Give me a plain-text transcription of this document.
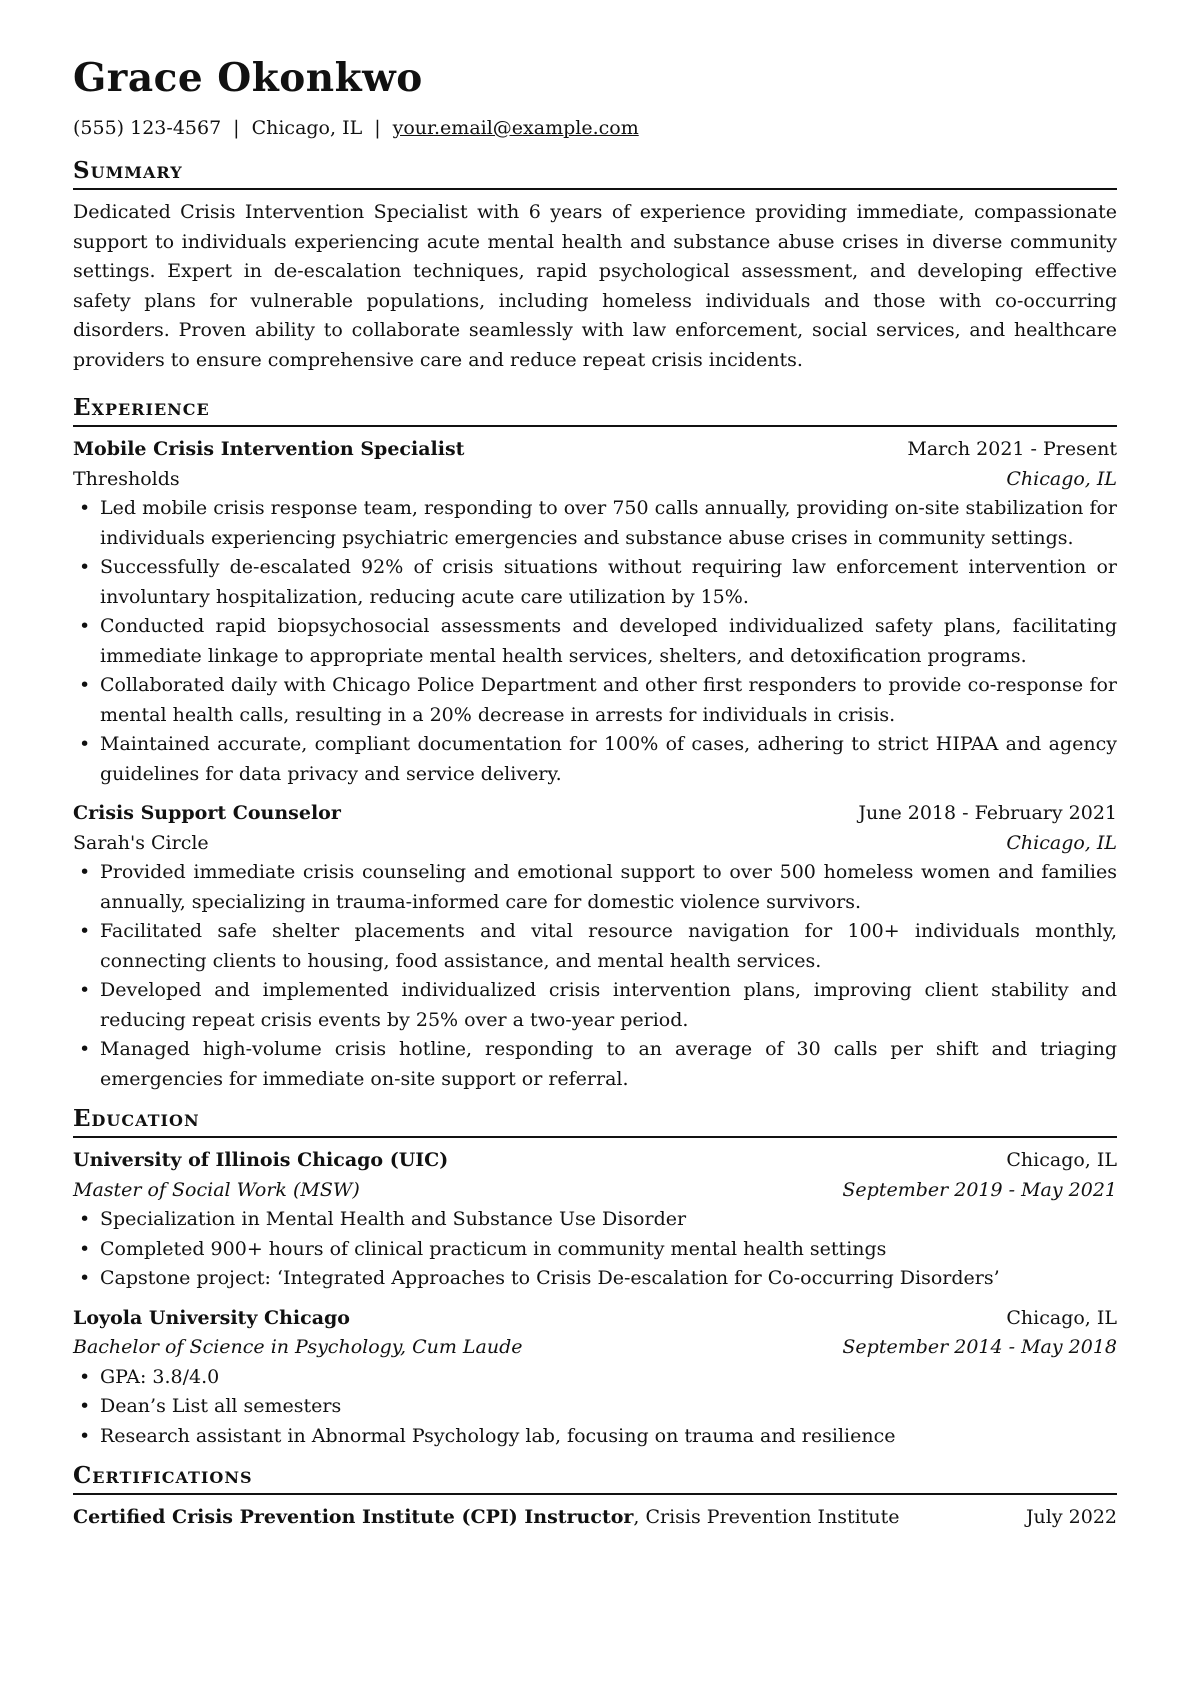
Grace Okonkwo
(555) 123-4567 | Chicago, IL | your.email@example.com
Summary

Dedicated Crisis Intervention Specialist with 6 years of experience providing immediate, compassionate support to individuals experiencing acute mental health and substance abuse crises in diverse community settings. Expert in de-escalation techniques, rapid psychological assessment, and developing effective safety plans for vulnerable populations, including homeless individuals and those with co-occurring disorders. Proven ability to collaborate seamlessly with law enforcement, social services, and healthcare providers to ensure comprehensive care and reduce repeat crisis incidents.

Experience
Mobile Crisis Intervention Specialist	March 2021 - Present
Thresholds	Chicago, IL
• Led mobile crisis response team, responding to over 750 calls annually, providing on-site stabilization for individuals experiencing psychiatric emergencies and substance abuse crises in community settings.
• Successfully de-escalated 92% of crisis situations without requiring law enforcement intervention or involuntary hospitalization, reducing acute care utilization by 15%.
• Conducted rapid biopsychosocial assessments and developed individualized safety plans, facilitating immediate linkage to appropriate mental health services, shelters, and detoxification programs.
• Collaborated daily with Chicago Police Department and other first responders to provide co-response for mental health calls, resulting in a 20% decrease in arrests for individuals in crisis.
• Maintained accurate, compliant documentation for 100% of cases, adhering to strict HIPAA and agency guidelines for data privacy and service delivery.
Crisis Support Counselor	June 2018 - February 2021
Sarah's Circle	Chicago, IL
• Provided immediate crisis counseling and emotional support to over 500 homeless women and families annually, specializing in trauma-informed care for domestic violence survivors.
• Facilitated safe shelter placements and vital resource navigation for 100+ individuals monthly, connecting clients to housing, food assistance, and mental health services.
• Developed and implemented individualized crisis intervention plans, improving client stability and reducing repeat crisis events by 25% over a two-year period.
• Managed high-volume crisis hotline, responding to an average of 30 calls per shift and triaging emergencies for immediate on-site support or referral.
Education
University of Illinois Chicago (UIC)	Chicago, IL
Master of Social Work (MSW)	September 2019 - May 2021
• Specialization in Mental Health and Substance Use Disorder
• Completed 900+ hours of clinical practicum in community mental health settings
• Capstone project: ‘Integrated Approaches to Crisis De-escalation for Co-occurring Disorders’
Loyola University Chicago	Chicago, IL
Bachelor of Science in Psychology, Cum Laude	September 2014 - May 2018
• GPA: 3.8/4.0
• Dean’s List all semesters
• Research assistant in Abnormal Psychology lab, focusing on trauma and resilience
Certifications
Certified Crisis Prevention Institute (CPI) Instructor, Crisis Prevention Institute	July 2022
